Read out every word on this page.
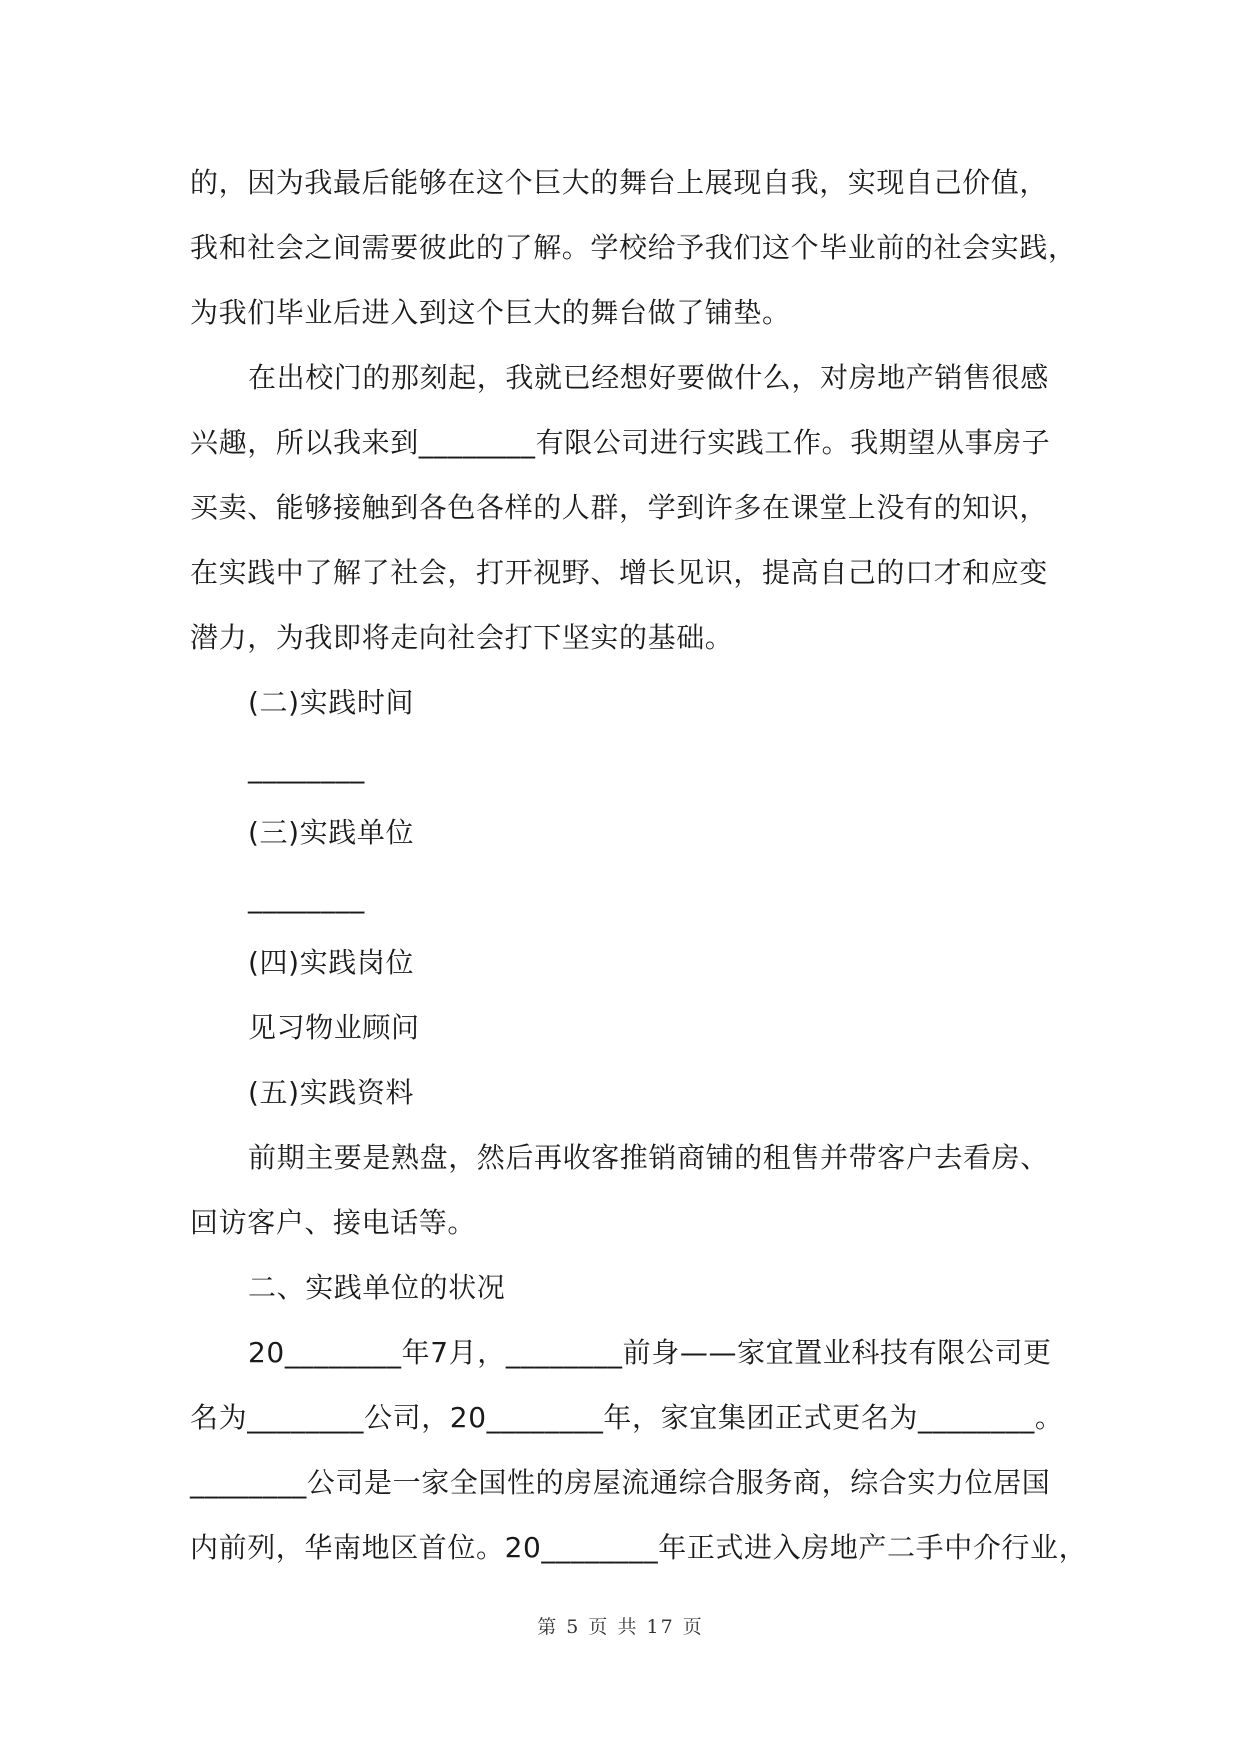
的，因为我最后能够在这个巨大的舞台上展现自我，实现自己价值，
我和社会之间需要彼此的了解。学校给予我们这个毕业前的社会实践，
为我们毕业后进入到这个巨大的舞台做了铺垫。
在出校门的那刻起，我就已经想好要做什么，对房地产销售很感
兴趣，所以我来到________有限公司进行实践工作。我期望从事房子
买卖、能够接触到各色各样的人群，学到许多在课堂上没有的知识，
在实践中了解了社会，打开视野、增长见识，提高自己的口才和应变
潜力，为我即将走向社会打下坚实的基础。
(二)实践时间
________
(三)实践单位
________
(四)实践岗位
见习物业顾问
(五)实践资料
前期主要是熟盘，然后再收客推销商铺的租售并带客户去看房、
回访客户、接电话等。
二、实践单位的状况
20________年7月，________前身——家宜置业科技有限公司更
名为________公司，20________年，家宜集团正式更名为________。
________公司是一家全国性的房屋流通综合服务商，综合实力位居国
内前列，华南地区首位。20________年正式进入房地产二手中介行业，
第 5 页 共 17 页
